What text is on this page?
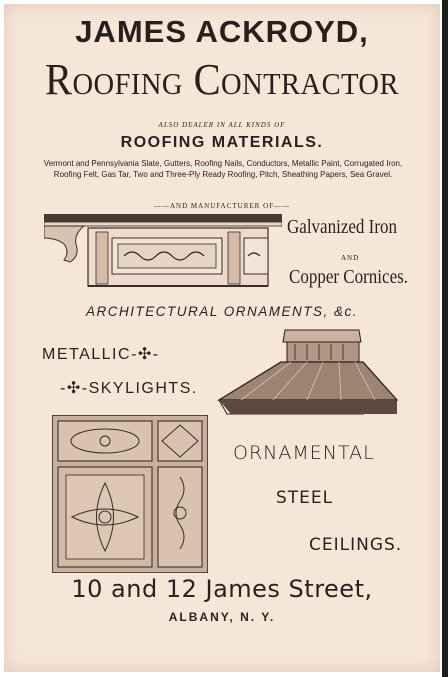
JAMES ACKROYD,
Roofing Contractor
ALSO DEALER IN ALL KINDS OF
ROOFING MATERIALS.
Vermont and Pennsylvania Slate, Gutters, Roofing Nails, Conductors, Metallic Paint, Corrugated Iron, Roofing Felt, Gas Tar, Two and Three-Ply Ready Roofing, Pitch, Sheathing Papers, Sea Gravel.
——AND MANUFACTURER OF——
Galvanized Iron
AND
Copper Cornices.
ARCHITECTURAL ORNAMENTS, &c.
METALLIC-✣-
-✣-SKYLIGHTS.
ORNAMENTAL
STEEL
CEILINGS.
10 and 12 James Street,
ALBANY, N. Y.
